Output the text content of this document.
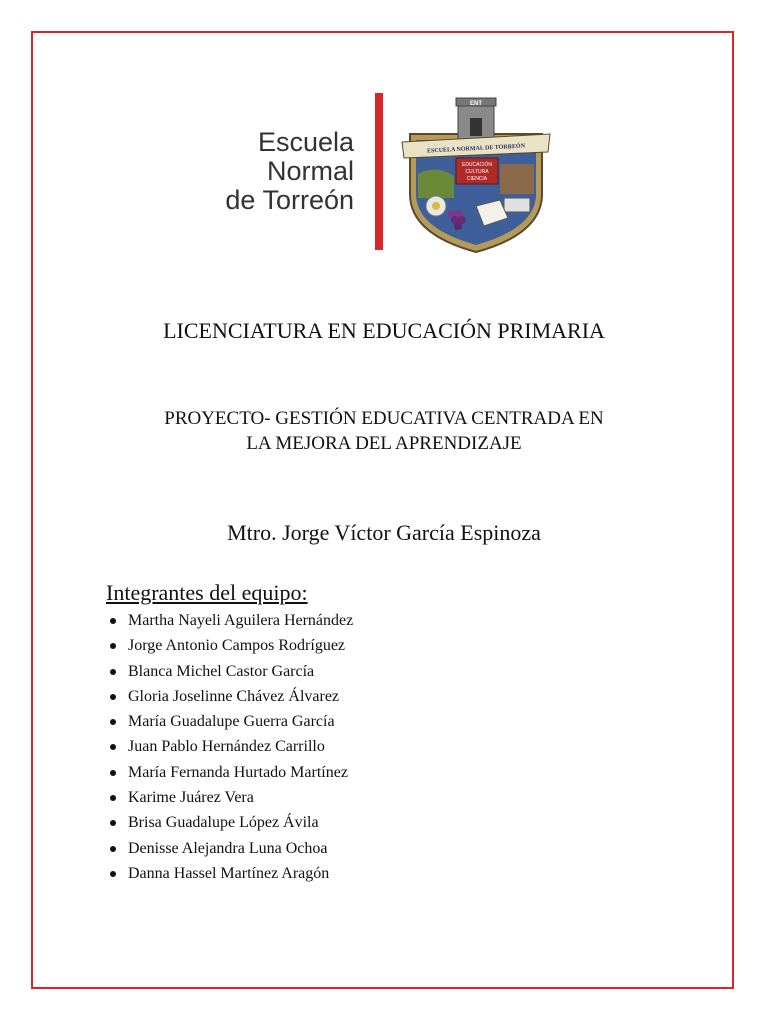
Escuela
Normal
de Torreón
ENT
ESCUELA NORMAL DE TORREÓN
EDUCACIÓN
CULTURA
CIENCIA
LICENCIATURA EN EDUCACIÓN PRIMARIA
PROYECTO- GESTIÓN EDUCATIVA CENTRADA EN
LA MEJORA DEL APRENDIZAJE
Mtro. Jorge Víctor García Espinoza
Integrantes del equipo:
Martha Nayeli Aguilera Hernández
Jorge Antonio Campos Rodríguez
Blanca Michel Castor García
Gloria Joselinne Chávez Álvarez
María Guadalupe Guerra García
Juan Pablo Hernández Carrillo
María Fernanda Hurtado Martínez
Karime Juárez Vera
Brisa Guadalupe López Ávila
Denisse Alejandra Luna Ochoa
Danna Hassel Martínez Aragón
